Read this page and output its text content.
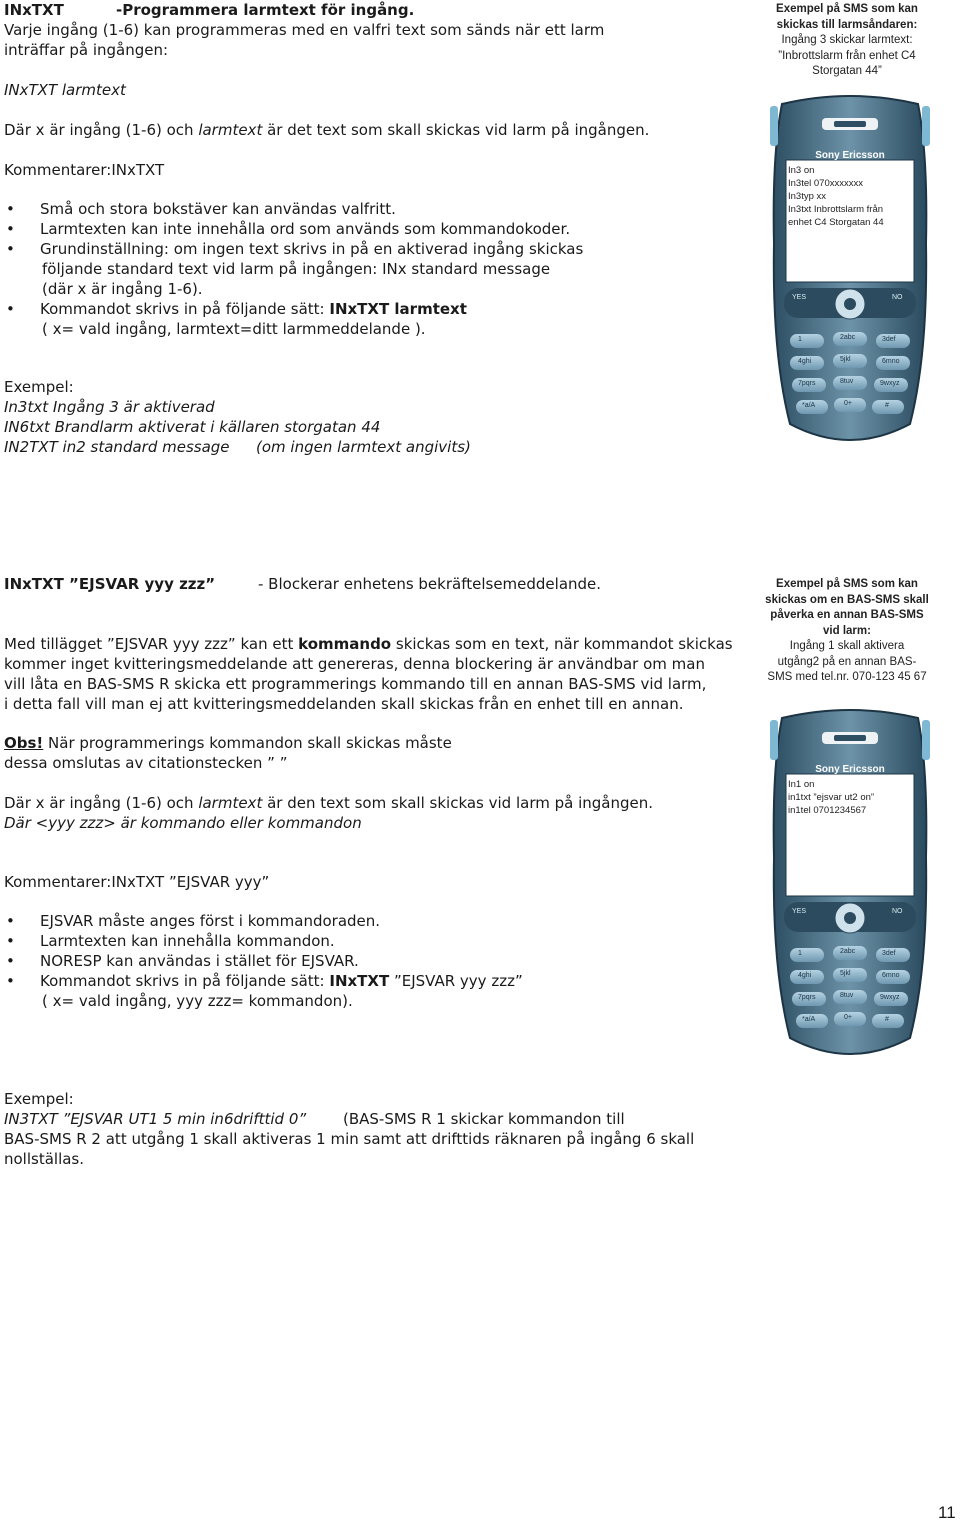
INxTXT	-Programmera larmtext för ingång.
Varje ingång (1-6) kan programmeras med en valfri text som sänds när ett larm
inträffar på ingången:
INxTXT larmtext
Där x är ingång (1-6) och larmtext är det text som skall skickas vid larm på ingången.
Kommentarer:INxTXT
• Små och stora bokstäver kan användas valfritt.
• Larmtexten kan inte innehålla ord som används som kommandokoder.
• Grundinställning: om ingen text skrivs in på en aktiverad ingång skickas
följande standard text vid larm på ingången: INx standard message
(där x är ingång 1-6).
• Kommandot skrivs in på följande sätt: INxTXT larmtext
( x= vald ingång, larmtext=ditt larmmeddelande ).
Exempel:
In3txt Ingång 3 är aktiverad
IN6txt Brandlarm aktiverat i källaren storgatan 44
IN2TXT in2 standard message (om ingen larmtext angivits)
Exempel på SMS som kan
skickas till larmsåndaren:
Ingång 3 skickar larmtext:
”Inbrottslarm från enhet C4
Storgatan 44”
Sony Ericsson
In3 on
In3tel 070xxxxxxx
In3typ xx
In3txt Inbrottslarm från
enhet C4 Storgatan 44
YES	NO
1	2abc	3def
4ghi	5jkl	6mno
7pqrs	8tuv	9wxyz
*a/A	0+	#
INxTXT ”EJSVAR yyy zzz”	- Blockerar enhetens bekräftelsemeddelande.
Med tillägget ”EJSVAR yyy zzz” kan ett kommando skickas som en text, när kommandot skickas
kommer inget kvitteringsmeddelande att genereras, denna blockering är användbar om man
vill låta en BAS-SMS R skicka ett programmerings kommando till en annan BAS-SMS vid larm,
i detta fall vill man ej att kvitteringsmeddelanden skall skickas från en enhet till en annan.
Obs! När programmerings kommandon skall skickas måste
dessa omslutas av citationstecken ” ”
Där x är ingång (1-6) och larmtext är den text som skall skickas vid larm på ingången.
Där <yyy zzz> är kommando eller kommandon
Kommentarer:INxTXT ”EJSVAR yyy”
• EJSVAR måste anges först i kommandoraden.
• Larmtexten kan innehålla kommandon.
• NORESP kan användas i stället för EJSVAR.
• Kommandot skrivs in på följande sätt: INxTXT ”EJSVAR yyy zzz”
( x= vald ingång, yyy zzz= kommandon).
Exempel:
IN3TXT ”EJSVAR UT1 5 min in6drifttid 0” (BAS-SMS R 1 skickar kommandon till
BAS-SMS R 2 att utgång 1 skall aktiveras 1 min samt att drifttids räknaren på ingång 6 skall
nollställas.
Exempel på SMS som kan
skickas om en BAS-SMS skall
påverka en annan BAS-SMS
vid larm:
Ingång 1 skall aktivera
utgång2 på en annan BAS-
SMS med tel.nr. 070-123 45 67
Sony Ericsson
In1 on
in1txt ”ejsvar ut2 on”
in1tel 0701234567
YES	NO
1	2abc	3def
4ghi	5jkl	6mno
7pqrs	8tuv	9wxyz
*a/A	0+	#
11
